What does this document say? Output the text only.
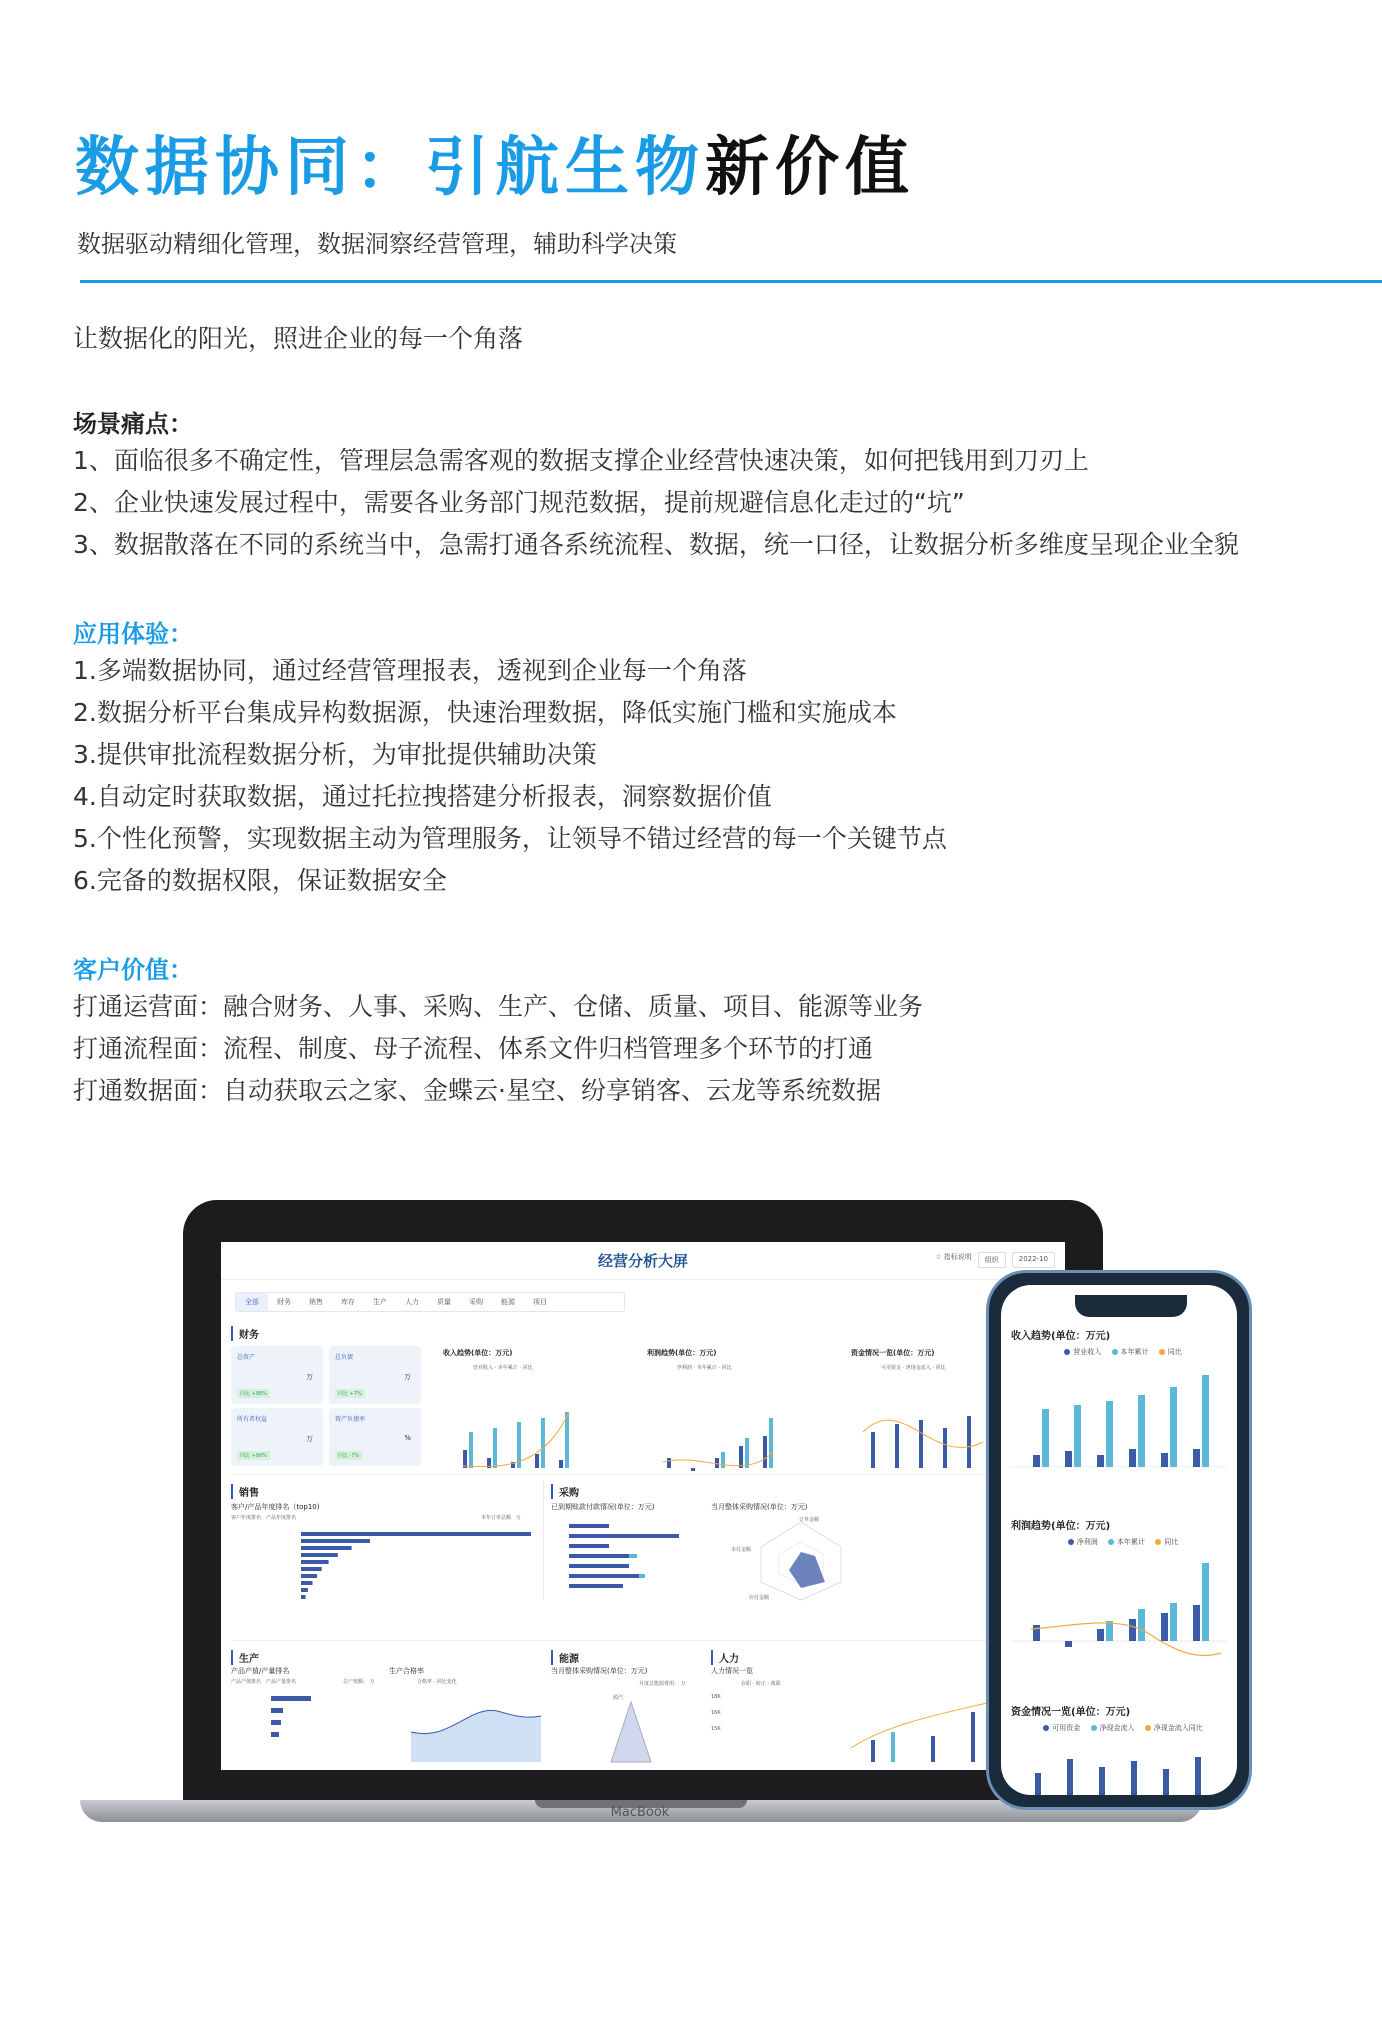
数据协同：引航生物新价值
数据驱动精细化管理，数据洞察经营管理，辅助科学决策
让数据化的阳光，照进企业的每一个角落
场景痛点：
1、面临很多不确定性，管理层急需客观的数据支撑企业经营快速决策，如何把钱用到刀刃上
2、企业快速发展过程中，需要各业务部门规范数据，提前规避信息化走过的“坑”
3、数据散落在不同的系统当中，急需打通各系统流程、数据，统一口径，让数据分析多维度呈现企业全貌
应用体验：
1.多端数据协同，通过经营管理报表，透视到企业每一个角落
2.数据分析平台集成异构数据源，快速治理数据，降低实施门槛和实施成本
3.提供审批流程数据分析，为审批提供辅助决策
4.自动定时获取数据，通过托拉拽搭建分析报表，洞察数据价值
5.个性化预警，实现数据主动为管理服务，让领导不错过经营的每一个关键节点
6.完备的数据权限，保证数据安全
客户价值：
打通运营面：融合财务、人事、采购、生产、仓储、质量、项目、能源等业务
打通流程面：流程、制度、母子流程、体系文件归档管理多个环节的打通
打通数据面：自动获取云之家、金蝶云·星空、纷享销客、云龙等系统数据
经营分析大屏	☆ 指标说明	组织	2022-10
全部	财务	销售	库存	生产	人力	质量	采购	能源	项目
财务
总资产
万
同比 +96%
总负债
万
同比 +7%
所有者权益
万
同比 +99%
资产负债率
%
同比 -7%
收入趋势(单位：万元)	利润趋势(单位：万元)	资金情况一览(单位：万元)
营业收入 · 本年累计 · 同比	净利润 · 本年累计 · 同比	可用资金 · 净现金流入 · 同比
销售	采购
客户/产品年度排名（top10)
客户年度排名　 产品年度排名	本年订单总额　 万
已到期账款付款情况(单位：万元)	当月整体采购情况(单位：万元)
订单金额
未付金额
应付金额
生产	能源	人力
产品产值/产量排名
产品产值排名　 产品产量排名	总产值额： 万
生产合格率
合格率 · 同比变化
当月整体采购情况(单位：万元)
月度总能源费用： 万
源汽
人力情况一览
在职 · 转正 · 离职
18K
16K
15K
MacBook
收入趋势(单位：万元)
营业收入	本年累计	同比
利润趋势(单位：万元)
净利润	本年累计	同比
资金情况一览(单位：万元)
可用资金	净现金流入	净现金流入同比
